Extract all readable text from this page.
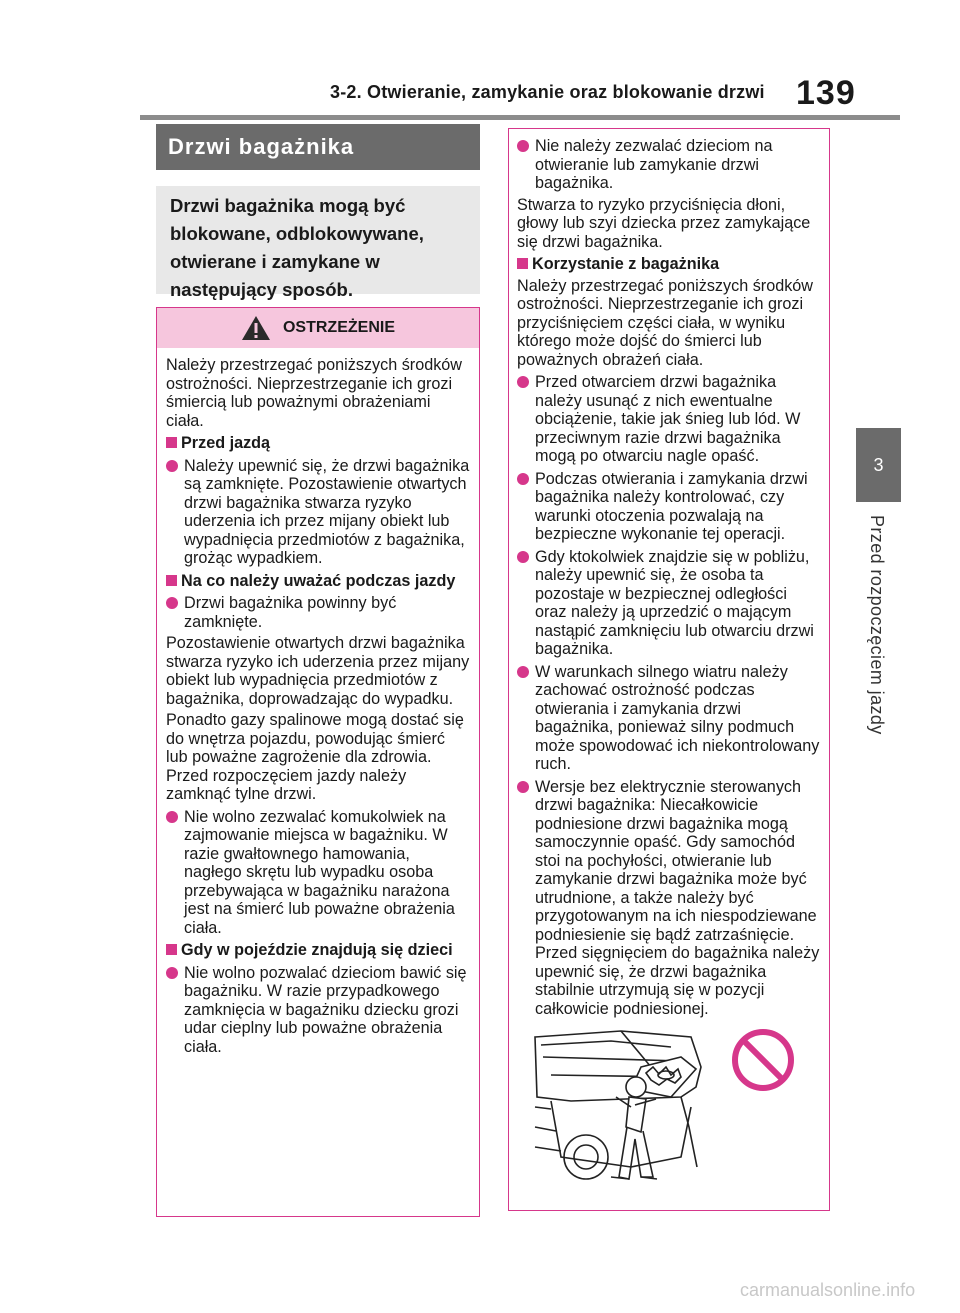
3-2. Otwieranie, zamykanie oraz blokowanie drzwi 139
3
Przed rozpoczęciem jazdy
Drzwi bagażnika
Drzwi bagażnika mogą być blokowane, odblokowywane, otwierane i zamykane w następujący sposób.
OSTRZEŻENIE

Należy przestrzegać poniższych środków ostrożności. Nieprzestrzeganie ich grozi śmiercią lub poważnymi obrażeniami ciała.

Przed jazdą

Należy upewnić się, że drzwi bagażnika są zamknięte. Pozostawienie otwartych drzwi bagażnika stwarza ryzyko uderzenia ich przez mijany obiekt lub wypadnięcia przedmiotów z bagażnika, grożąc wypadkiem.

Na co należy uważać podczas jazdy

Drzwi bagażnika powinny być zamknięte.

Pozostawienie otwartych drzwi bagażnika stwarza ryzyko ich uderzenia przez mijany obiekt lub wypadnięcia przedmiotów z bagażnika, doprowadzając do wypadku.

Ponadto gazy spalinowe mogą dostać się do wnętrza pojazdu, powodując śmierć lub poważne zagrożenie dla zdrowia. Przed rozpoczęciem jazdy należy zamknąć tylne drzwi.

Nie wolno zezwalać komukolwiek na zajmowanie miejsca w bagażniku. W razie gwałtownego hamowania, nagłego skrętu lub wypadku osoba przebywająca w bagażniku narażona jest na śmierć lub poważne obrażenia ciała.

Gdy w pojeździe znajdują się dzieci

Nie wolno pozwalać dzieciom bawić się bagażniku. W razie przypadkowego zamknięcia w bagażniku dziecku grozi udar cieplny lub poważne obrażenia ciała.
Nie należy zezwalać dzieciom na otwieranie lub zamykanie drzwi bagażnika.

Stwarza to ryzyko przyciśnięcia dłoni, głowy lub szyi dziecka przez zamykające się drzwi bagażnika.

Korzystanie z bagażnika

Należy przestrzegać poniższych środków ostrożności. Nieprzestrzeganie ich grozi przyciśnięciem części ciała, w wyniku którego może dojść do śmierci lub poważnych obrażeń ciała.

Przed otwarciem drzwi bagażnika należy usunąć z nich ewentualne obciążenie, takie jak śnieg lub lód. W przeciwnym razie drzwi bagażnika mogą po otwarciu nagle opaść.
Podczas otwierania i zamykania drzwi bagażnika należy kontrolować, czy warunki otoczenia pozwalają na bezpieczne wykonanie tej operacji.
Gdy ktokolwiek znajdzie się w pobliżu, należy upewnić się, że osoba ta pozostaje w bezpiecznej odległości oraz należy ją uprzedzić o mającym nastąpić zamknięciu lub otwarciu drzwi bagażnika.
W warunkach silnego wiatru należy zachować ostrożność podczas otwierania i zamykania drzwi bagażnika, ponieważ silny podmuch może spowodować ich niekontrolowany ruch.
Wersje bez elektrycznie sterowanych drzwi bagażnika: Niecałkowicie podniesione drzwi bagażnika mogą samoczynnie opaść. Gdy samochód stoi na pochyłości, otwieranie lub zamykanie drzwi bagażnika może być utrudnione, a także należy być przygotowanym na ich niespodziewane podniesienie się bądź zatrzaśnięcie. Przed sięgnięciem do bagażnika należy upewnić się, że drzwi bagażnika stabilnie utrzymują się w pozycji całkowicie podniesionej.
carmanualsonline.info
